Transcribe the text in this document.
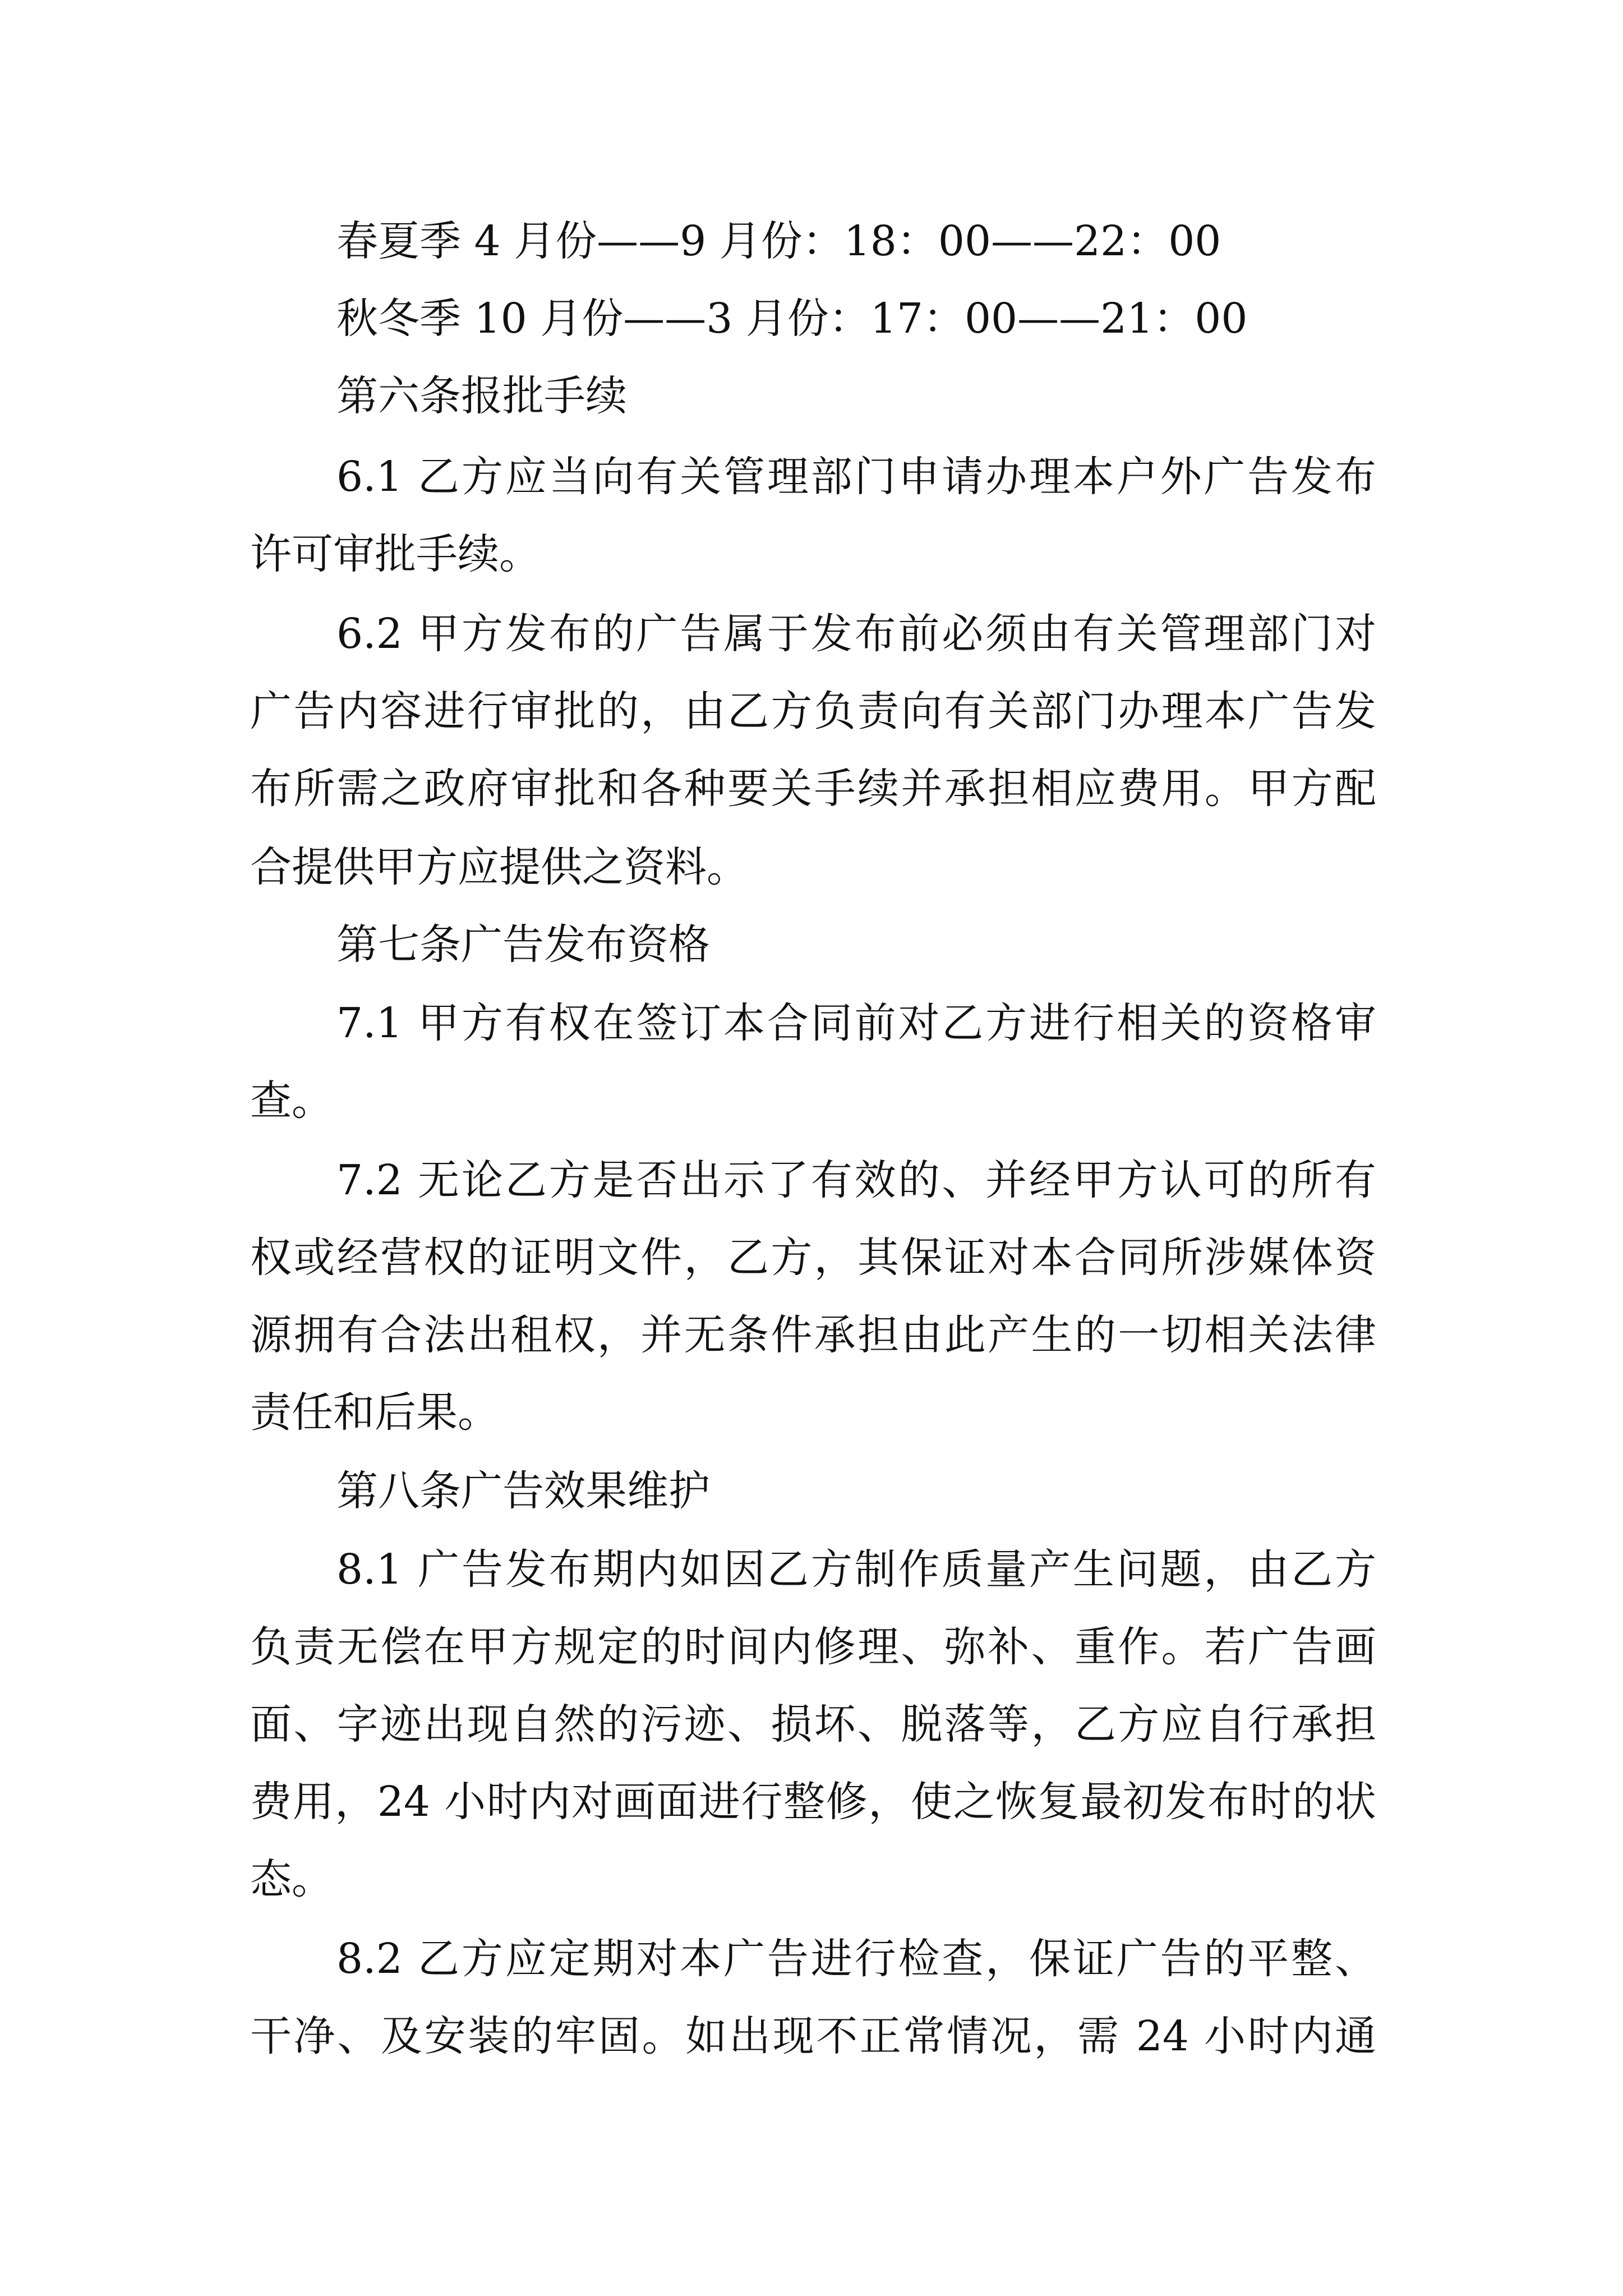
春夏季 4 月份——9 月份：18：00——22：00
秋冬季 10 月份——3 月份：17：00——21：00
第六条报批手续
6.1 乙方应当向有关管理部门申请办理本户外广告发布
许可审批手续。
6.2 甲方发布的广告属于发布前必须由有关管理部门对
广告内容进行审批的，由乙方负责向有关部门办理本广告发
布所需之政府审批和各种要关手续并承担相应费用。甲方配
合提供甲方应提供之资料。
第七条广告发布资格
7.1 甲方有权在签订本合同前对乙方进行相关的资格审
查。
7.2 无论乙方是否出示了有效的、并经甲方认可的所有
权或经营权的证明文件，乙方，其保证对本合同所涉媒体资
源拥有合法出租权，并无条件承担由此产生的一切相关法律
责任和后果。
第八条广告效果维护
8.1 广告发布期内如因乙方制作质量产生问题，由乙方
负责无偿在甲方规定的时间内修理、弥补、重作。若广告画
面、字迹出现自然的污迹、损坏、脱落等，乙方应自行承担
费用，24 小时内对画面进行整修，使之恢复最初发布时的状
态。
8.2 乙方应定期对本广告进行检查，保证广告的平整、
干净、及安装的牢固。如出现不正常情况，需 24 小时内通
